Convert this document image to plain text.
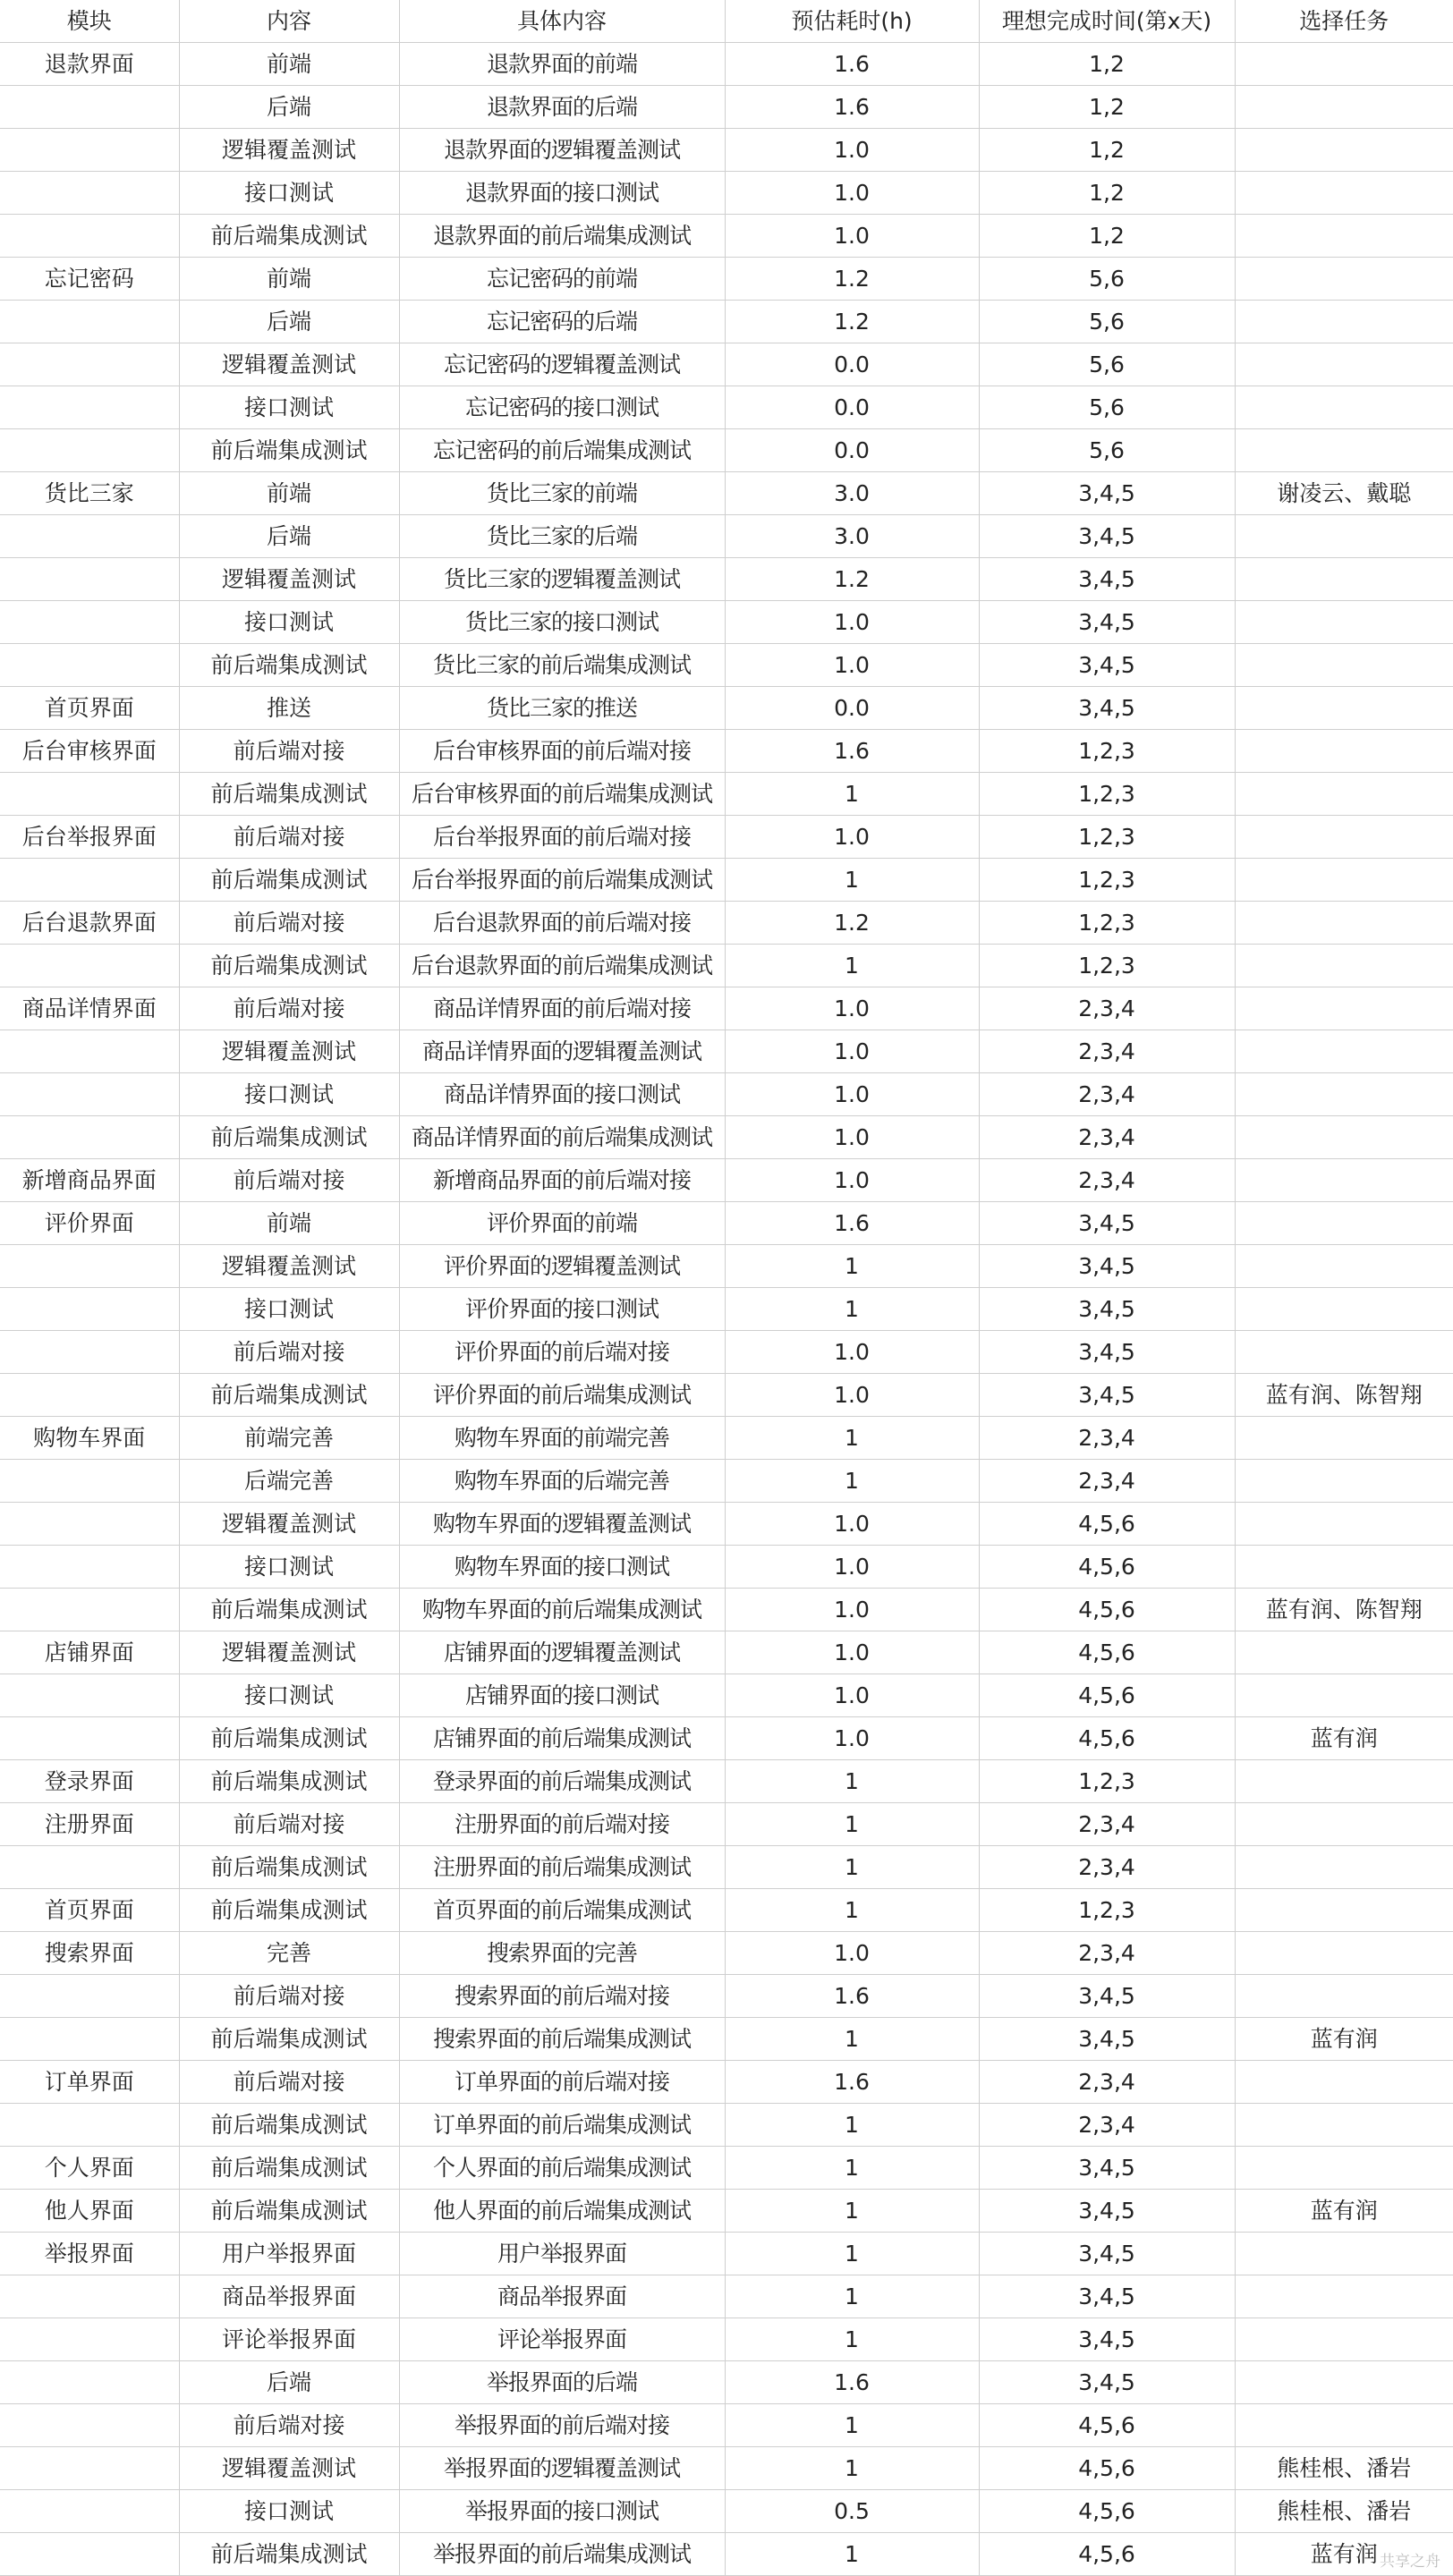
模块	内容	具体内容	预估耗时(h)	理想完成时间(第x天)	选择任务
退款界面	前端	退款界面的前端	1.6	1,2	
	后端	退款界面的后端	1.6	1,2	
	逻辑覆盖测试	退款界面的逻辑覆盖测试	1.0	1,2	
	接口测试	退款界面的接口测试	1.0	1,2	
	前后端集成测试	退款界面的前后端集成测试	1.0	1,2	
忘记密码	前端	忘记密码的前端	1.2	5,6	
	后端	忘记密码的后端	1.2	5,6	
	逻辑覆盖测试	忘记密码的逻辑覆盖测试	0.0	5,6	
	接口测试	忘记密码的接口测试	0.0	5,6	
	前后端集成测试	忘记密码的前后端集成测试	0.0	5,6	
货比三家	前端	货比三家的前端	3.0	3,4,5	谢凌云、戴聪
	后端	货比三家的后端	3.0	3,4,5	
	逻辑覆盖测试	货比三家的逻辑覆盖测试	1.2	3,4,5	
	接口测试	货比三家的接口测试	1.0	3,4,5	
	前后端集成测试	货比三家的前后端集成测试	1.0	3,4,5	
首页界面	推送	货比三家的推送	0.0	3,4,5	
后台审核界面	前后端对接	后台审核界面的前后端对接	1.6	1,2,3	
	前后端集成测试	后台审核界面的前后端集成测试	1	1,2,3	
后台举报界面	前后端对接	后台举报界面的前后端对接	1.0	1,2,3	
	前后端集成测试	后台举报界面的前后端集成测试	1	1,2,3	
后台退款界面	前后端对接	后台退款界面的前后端对接	1.2	1,2,3	
	前后端集成测试	后台退款界面的前后端集成测试	1	1,2,3	
商品详情界面	前后端对接	商品详情界面的前后端对接	1.0	2,3,4	
	逻辑覆盖测试	商品详情界面的逻辑覆盖测试	1.0	2,3,4	
	接口测试	商品详情界面的接口测试	1.0	2,3,4	
	前后端集成测试	商品详情界面的前后端集成测试	1.0	2,3,4	
新增商品界面	前后端对接	新增商品界面的前后端对接	1.0	2,3,4	
评价界面	前端	评价界面的前端	1.6	3,4,5	
	逻辑覆盖测试	评价界面的逻辑覆盖测试	1	3,4,5	
	接口测试	评价界面的接口测试	1	3,4,5	
	前后端对接	评价界面的前后端对接	1.0	3,4,5	
	前后端集成测试	评价界面的前后端集成测试	1.0	3,4,5	蓝有润、陈智翔
购物车界面	前端完善	购物车界面的前端完善	1	2,3,4	
	后端完善	购物车界面的后端完善	1	2,3,4	
	逻辑覆盖测试	购物车界面的逻辑覆盖测试	1.0	4,5,6	
	接口测试	购物车界面的接口测试	1.0	4,5,6	
	前后端集成测试	购物车界面的前后端集成测试	1.0	4,5,6	蓝有润、陈智翔
店铺界面	逻辑覆盖测试	店铺界面的逻辑覆盖测试	1.0	4,5,6	
	接口测试	店铺界面的接口测试	1.0	4,5,6	
	前后端集成测试	店铺界面的前后端集成测试	1.0	4,5,6	蓝有润
登录界面	前后端集成测试	登录界面的前后端集成测试	1	1,2,3	
注册界面	前后端对接	注册界面的前后端对接	1	2,3,4	
	前后端集成测试	注册界面的前后端集成测试	1	2,3,4	
首页界面	前后端集成测试	首页界面的前后端集成测试	1	1,2,3	
搜索界面	完善	搜索界面的完善	1.0	2,3,4	
	前后端对接	搜索界面的前后端对接	1.6	3,4,5	
	前后端集成测试	搜索界面的前后端集成测试	1	3,4,5	蓝有润
订单界面	前后端对接	订单界面的前后端对接	1.6	2,3,4	
	前后端集成测试	订单界面的前后端集成测试	1	2,3,4	
个人界面	前后端集成测试	个人界面的前后端集成测试	1	3,4,5	
他人界面	前后端集成测试	他人界面的前后端集成测试	1	3,4,5	蓝有润
举报界面	用户举报界面	用户举报界面	1	3,4,5	
	商品举报界面	商品举报界面	1	3,4,5	
	评论举报界面	评论举报界面	1	3,4,5	
	后端	举报界面的后端	1.6	3,4,5	
	前后端对接	举报界面的前后端对接	1	4,5,6	
	逻辑覆盖测试	举报界面的逻辑覆盖测试	1	4,5,6	熊桂根、潘岩
	接口测试	举报界面的接口测试	0.5	4,5,6	熊桂根、潘岩
	前后端集成测试	举报界面的前后端集成测试	1	4,5,6	蓝有润 共享之舟
